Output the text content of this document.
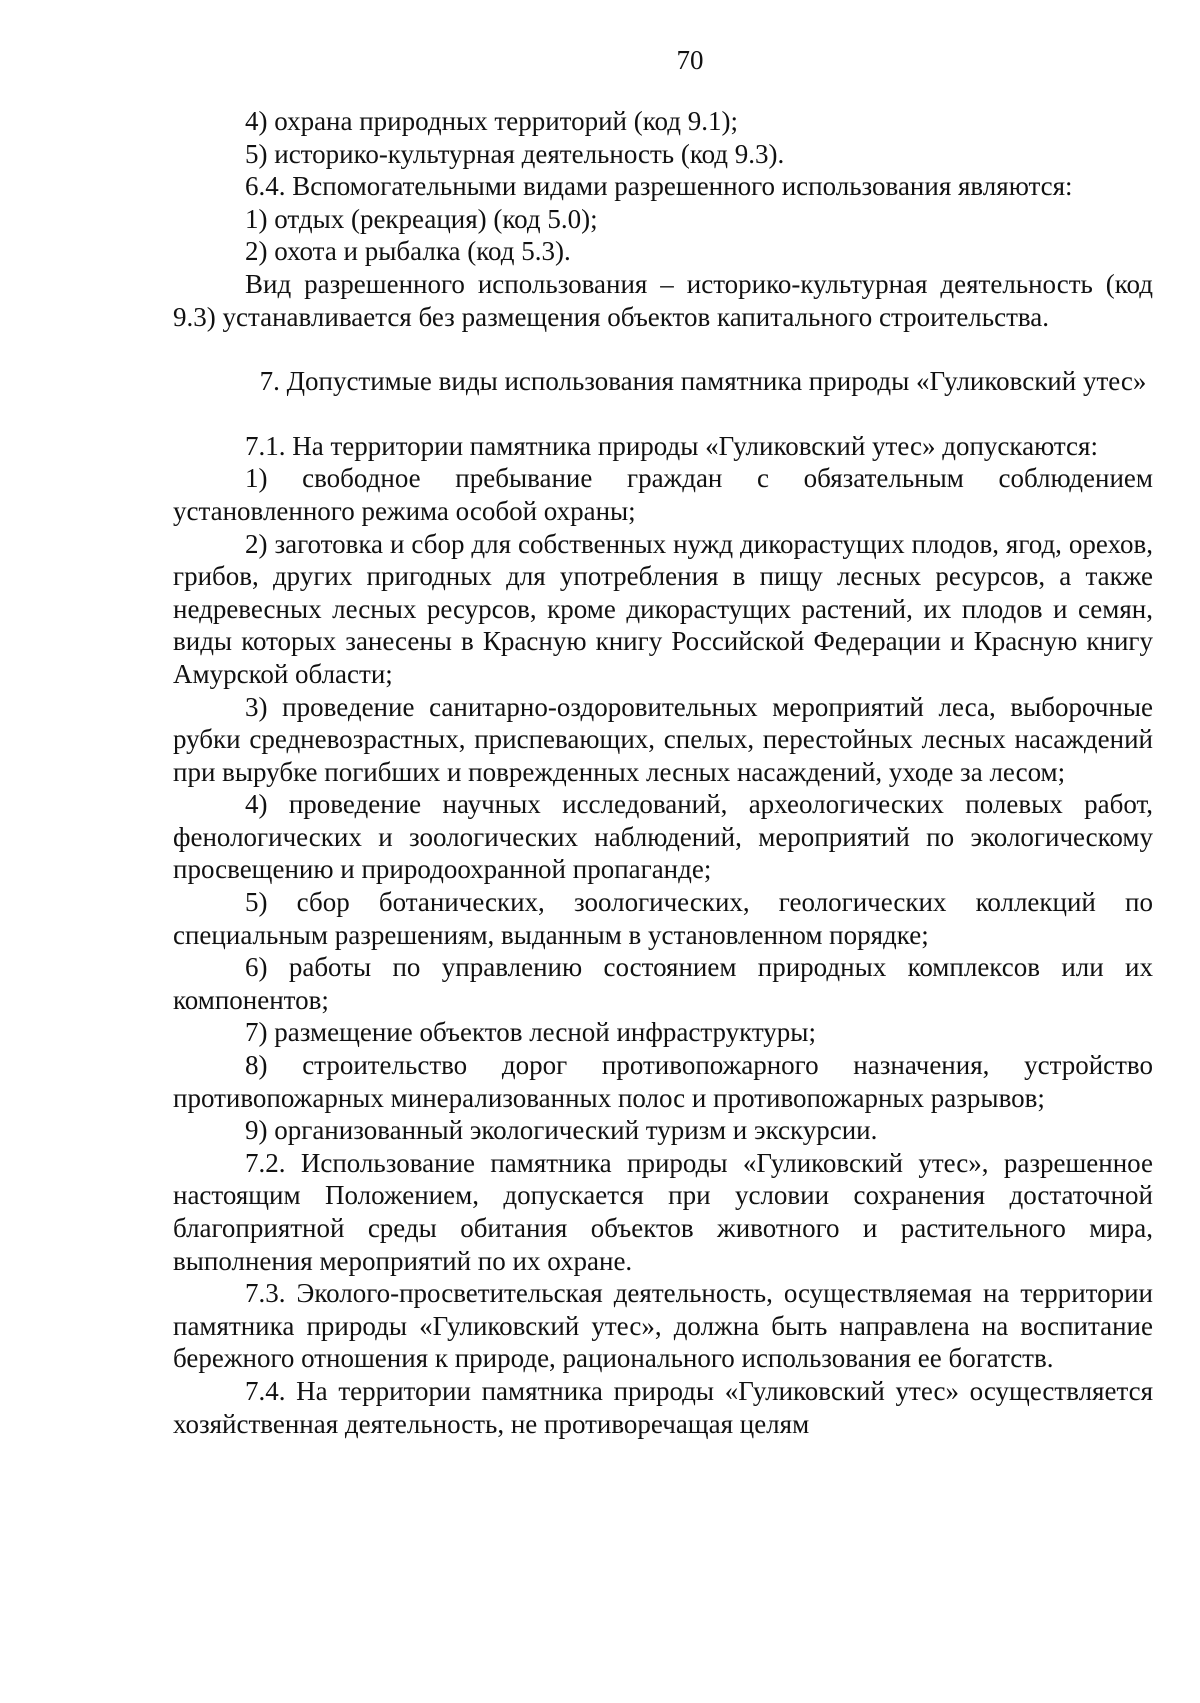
70

4) охрана природных территорий (код 9.1);

5) историко-культурная деятельность (код 9.3).

6.4. Вспомогательными видами разрешенного использования являются:

1) отдых (рекреация) (код 5.0);

2) охота и рыбалка (код 5.3).

Вид разрешенного использования – историко-культурная деятельность (код 9.3) устанавливается без размещения объектов капитального строительства.

7. Допустимые виды использования памятника природы «Гуликовский утес»

7.1. На территории памятника природы «Гуликовский утес» допускаются:

1) свободное пребывание граждан с обязательным соблюдением установленного режима особой охраны;

2) заготовка и сбор для собственных нужд дикорастущих плодов, ягод, орехов, грибов, других пригодных для употребления в пищу лесных ресурсов, а также недревесных лесных ресурсов, кроме дикорастущих растений, их плодов и семян, виды которых занесены в Красную книгу Российской Федерации и Красную книгу Амурской области;

3) проведение санитарно-оздоровительных мероприятий леса, выборочные рубки средневозрастных, приспевающих, спелых, перестойных лесных насаждений при вырубке погибших и поврежденных лесных насаждений, уходе за лесом;

4) проведение научных исследований, археологических полевых работ, фенологических и зоологических наблюдений, мероприятий по экологическому просвещению и природоохранной пропаганде;

5) сбор ботанических, зоологических, геологических коллекций по специальным разрешениям, выданным в установленном порядке;

6) работы по управлению состоянием природных комплексов или их компонентов;

7) размещение объектов лесной инфраструктуры;

8) строительство дорог противопожарного назначения, устройство противопожарных минерализованных полос и противопожарных разрывов;

9) организованный экологический туризм и экскурсии.

7.2. Использование памятника природы «Гуликовский утес», разрешенное настоящим Положением, допускается при условии сохранения достаточной благоприятной среды обитания объектов животного и растительного мира, выполнения мероприятий по их охране.

7.3. Эколого-просветительская деятельность, осуществляемая на территории памятника природы «Гуликовский утес», должна быть направлена на воспитание бережного отношения к природе, рационального использования ее богатств.

7.4. На территории памятника природы «Гуликовский утес» осуществляется хозяйственная деятельность, не противоречащая целям
